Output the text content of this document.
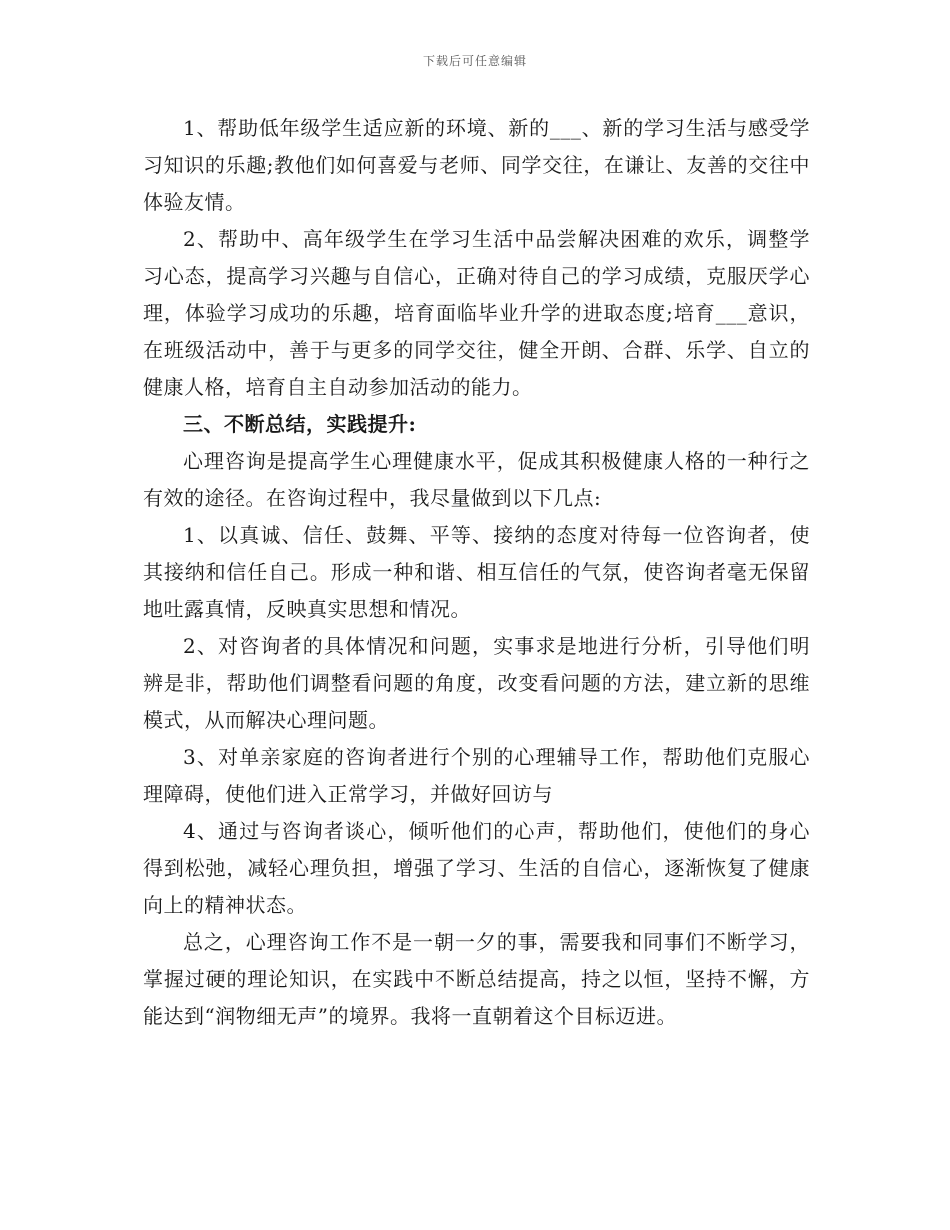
下载后可任意编辑

1、帮助低年级学生适应新的环境、新的___、新的学习生活与感受学习知识的乐趣;教他们如何喜爱与老师、同学交往，在谦让、友善的交往中体验友情。

2、帮助中、高年级学生在学习生活中品尝解决困难的欢乐，调整学习心态，提高学习兴趣与自信心，正确对待自己的学习成绩，克服厌学心理，体验学习成功的乐趣，培育面临毕业升学的进取态度;培育___意识，在班级活动中，善于与更多的同学交往，健全开朗、合群、乐学、自立的健康人格，培育自主自动参加活动的能力。

三、不断总结，实践提升:

心理咨询是提高学生心理健康水平，促成其积极健康人格的一种行之有效的途径。在咨询过程中，我尽量做到以下几点:

1、以真诚、信任、鼓舞、平等、接纳的态度对待每一位咨询者，使其接纳和信任自己。形成一种和谐、相互信任的气氛，使咨询者毫无保留地吐露真情，反映真实思想和情况。

2、对咨询者的具体情况和问题，实事求是地进行分析，引导他们明辨是非，帮助他们调整看问题的角度，改变看问题的方法，建立新的思维模式，从而解决心理问题。

3、对单亲家庭的咨询者进行个别的心理辅导工作，帮助他们克服心理障碍，使他们进入正常学习，并做好回访与

4、通过与咨询者谈心，倾听他们的心声，帮助他们，使他们的身心得到松弛，减轻心理负担，增强了学习、生活的自信心，逐渐恢复了健康向上的精神状态。

总之，心理咨询工作不是一朝一夕的事，需要我和同事们不断学习，掌握过硬的理论知识，在实践中不断总结提高，持之以恒，坚持不懈，方能达到“润物细无声”的境界。我将一直朝着这个目标迈进。
